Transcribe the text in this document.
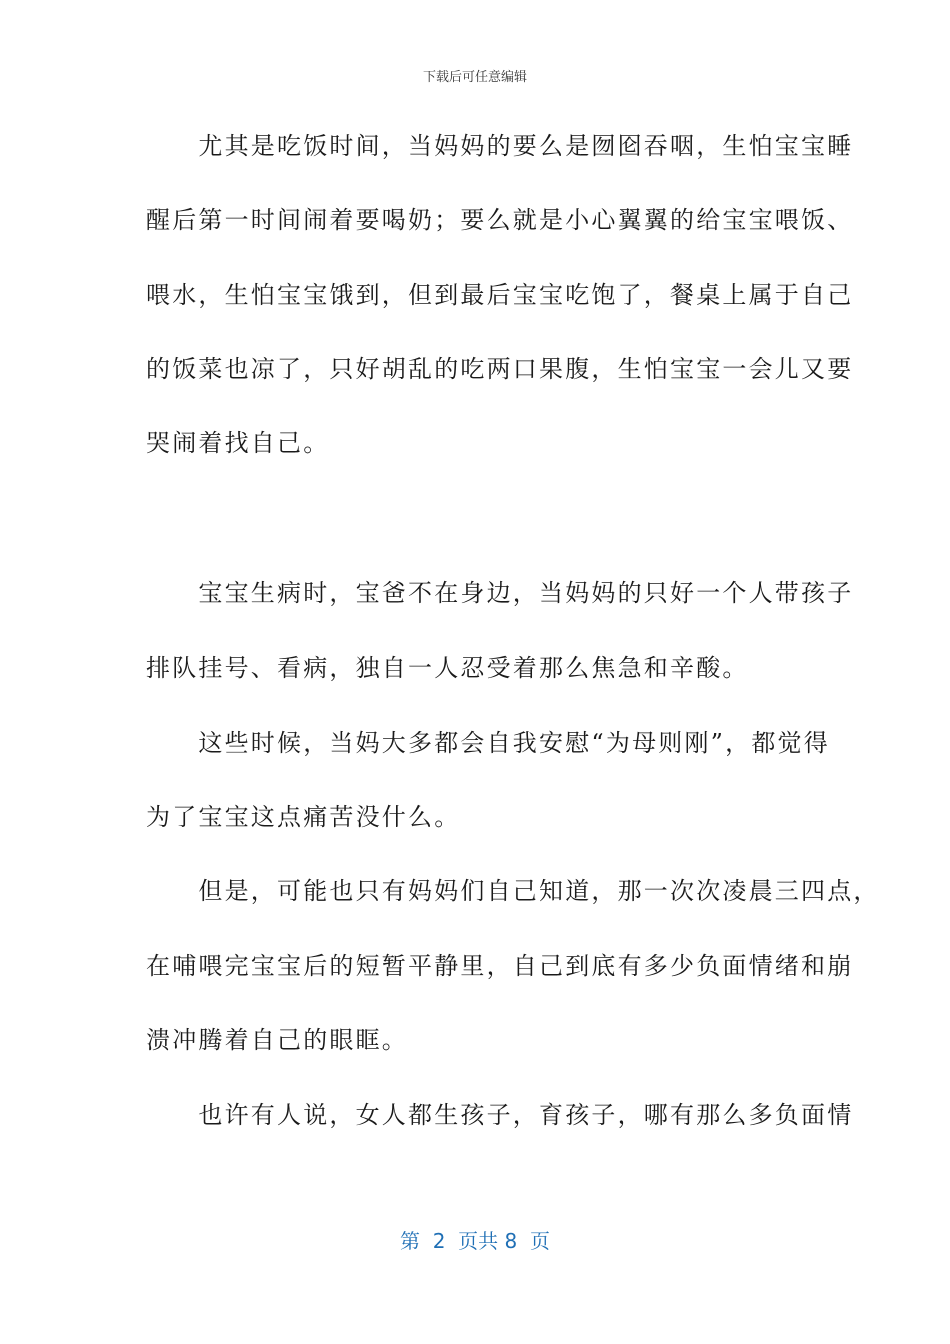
下载后可任意编辑
　　尤其是吃饭时间，当妈妈的要么是囫囵吞咽，生怕宝宝睡
醒后第一时间闹着要喝奶；要么就是小心翼翼的给宝宝喂饭、
喂水，生怕宝宝饿到，但到最后宝宝吃饱了，餐桌上属于自己
的饭菜也凉了，只好胡乱的吃两口果腹，生怕宝宝一会儿又要
哭闹着找自己。
　　宝宝生病时，宝爸不在身边，当妈妈的只好一个人带孩子
排队挂号、看病，独自一人忍受着那么焦急和辛酸。
　　这些时候，当妈大多都会自我安慰“为母则刚”，都觉得
为了宝宝这点痛苦没什么。
　　但是，可能也只有妈妈们自己知道，那一次次凌晨三四点，
在哺喂完宝宝后的短暂平静里，自己到底有多少负面情绪和崩
溃冲腾着自己的眼眶。
　　也许有人说，女人都生孩子，育孩子，哪有那么多负面情
第  2  页共 8  页
